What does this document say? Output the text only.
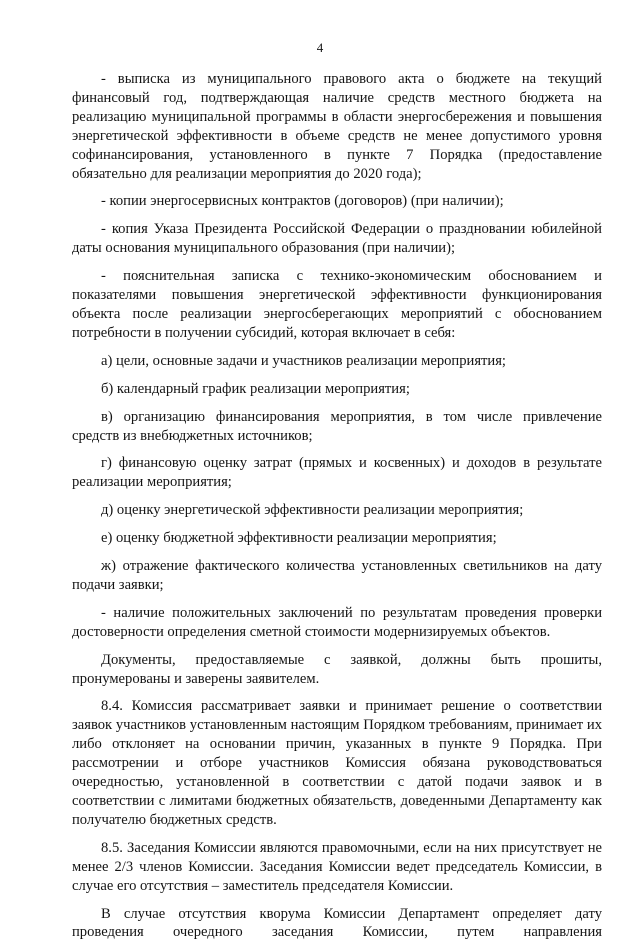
4

- выписка из муниципального правового акта о бюджете на текущий финансовый год, подтверждающая наличие средств местного бюджета на реализацию муниципальной программы в области энергосбережения и повышения энергетической эффективности в объеме средств не менее допустимого уровня софинансирования, установленного в пункте 7 Порядка (предоставление обязательно для реализации мероприятия до 2020 года);

- копии энергосервисных контрактов (договоров) (при наличии);

- копия Указа Президента Российской Федерации о праздновании юбилейной даты основания муниципального образования (при наличии);

- пояснительная записка с технико-экономическим обоснованием и показателями повышения энергетической эффективности функционирования объекта после реализации энергосберегающих мероприятий с обоснованием потребности в получении субсидий, которая включает в себя:

а) цели, основные задачи и участников реализации мероприятия;

б) календарный график реализации мероприятия;

в) организацию финансирования мероприятия, в том числе привлечение средств из внебюджетных источников;

г) финансовую оценку затрат (прямых и косвенных) и доходов в результате реализации мероприятия;

д) оценку энергетической эффективности реализации мероприятия;

е) оценку бюджетной эффективности реализации мероприятия;

ж) отражение фактического количества установленных светильников на дату подачи заявки;

- наличие положительных заключений по результатам проведения проверки достоверности определения сметной стоимости модернизируемых объектов.

Документы, предоставляемые с заявкой, должны быть прошиты, пронумерованы и заверены заявителем.

8.4. Комиссия рассматривает заявки и принимает решение о соответствии заявок участников установленным настоящим Порядком требованиям, принимает их либо отклоняет на основании причин, указанных в пункте 9 Порядка. При рассмотрении и отборе участников Комиссия обязана руководствоваться очередностью, установленной в соответствии с датой подачи заявок и в соответствии с лимитами бюджетных обязательств, доведенными Департаменту как получателю бюджетных средств.

8.5. Заседания Комиссии являются правомочными, если на них присутствует не менее 2/3 членов Комиссии. Заседания Комиссии ведет председатель Комиссии, в случае его отсутствия – заместитель председателя Комиссии.

В случае отсутствия кворума Комиссии Департамент определяет дату проведения очередного заседания Комиссии, путем направления
